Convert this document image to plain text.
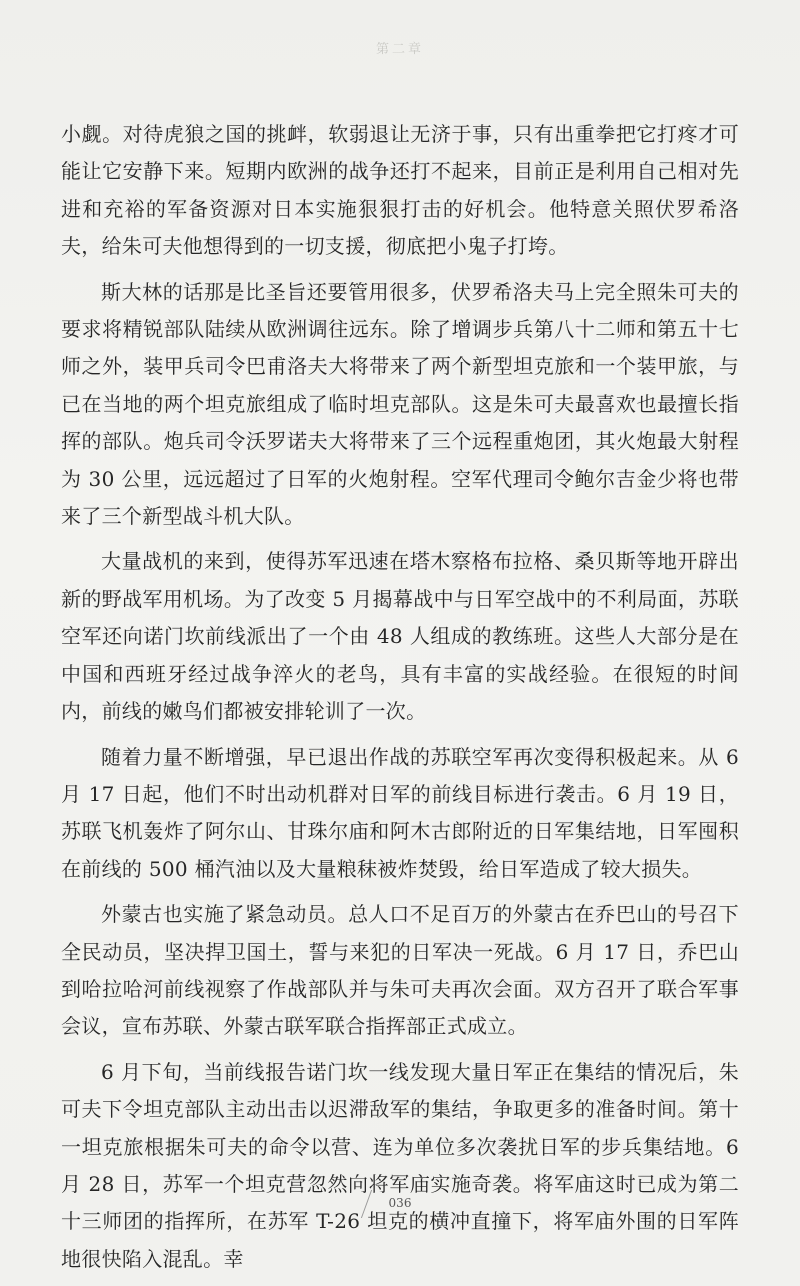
第二章

小觑。对待虎狼之国的挑衅，软弱退让无济于事，只有出重拳把它打疼才可能让它安静下来。短期内欧洲的战争还打不起来，目前正是利用自己相对先进和充裕的军备资源对日本实施狠狠打击的好机会。他特意关照伏罗希洛夫，给朱可夫他想得到的一切支援，彻底把小鬼子打垮。

斯大林的话那是比圣旨还要管用很多，伏罗希洛夫马上完全照朱可夫的要求将精锐部队陆续从欧洲调往远东。除了增调步兵第八十二师和第五十七师之外，装甲兵司令巴甫洛夫大将带来了两个新型坦克旅和一个装甲旅，与已在当地的两个坦克旅组成了临时坦克部队。这是朱可夫最喜欢也最擅长指挥的部队。炮兵司令沃罗诺夫大将带来了三个远程重炮团，其火炮最大射程为 30 公里，远远超过了日军的火炮射程。空军代理司令鲍尔吉金少将也带来了三个新型战斗机大队。

大量战机的来到，使得苏军迅速在塔木察格布拉格、桑贝斯等地开辟出新的野战军用机场。为了改变 5 月揭幕战中与日军空战中的不利局面，苏联空军还向诺门坎前线派出了一个由 48 人组成的教练班。这些人大部分是在中国和西班牙经过战争淬火的老鸟，具有丰富的实战经验。在很短的时间内，前线的嫩鸟们都被安排轮训了一次。

随着力量不断增强，早已退出作战的苏联空军再次变得积极起来。从 6 月 17 日起，他们不时出动机群对日军的前线目标进行袭击。6 月 19 日，苏联飞机轰炸了阿尔山、甘珠尔庙和阿木古郎附近的日军集结地，日军囤积在前线的 500 桶汽油以及大量粮秣被炸焚毁，给日军造成了较大损失。

外蒙古也实施了紧急动员。总人口不足百万的外蒙古在乔巴山的号召下全民动员，坚决捍卫国土，誓与来犯的日军决一死战。6 月 17 日，乔巴山到哈拉哈河前线视察了作战部队并与朱可夫再次会面。双方召开了联合军事会议，宣布苏联、外蒙古联军联合指挥部正式成立。

6 月下旬，当前线报告诺门坎一线发现大量日军正在集结的情况后，朱可夫下令坦克部队主动出击以迟滞敌军的集结，争取更多的准备时间。第十一坦克旅根据朱可夫的命令以营、连为单位多次袭扰日军的步兵集结地。6 月 28 日，苏军一个坦克营忽然向将军庙实施奇袭。将军庙这时已成为第二十三师团的指挥所，在苏军 T-26 坦克的横冲直撞下，将军庙外围的日军阵地很快陷入混乱。幸

036
